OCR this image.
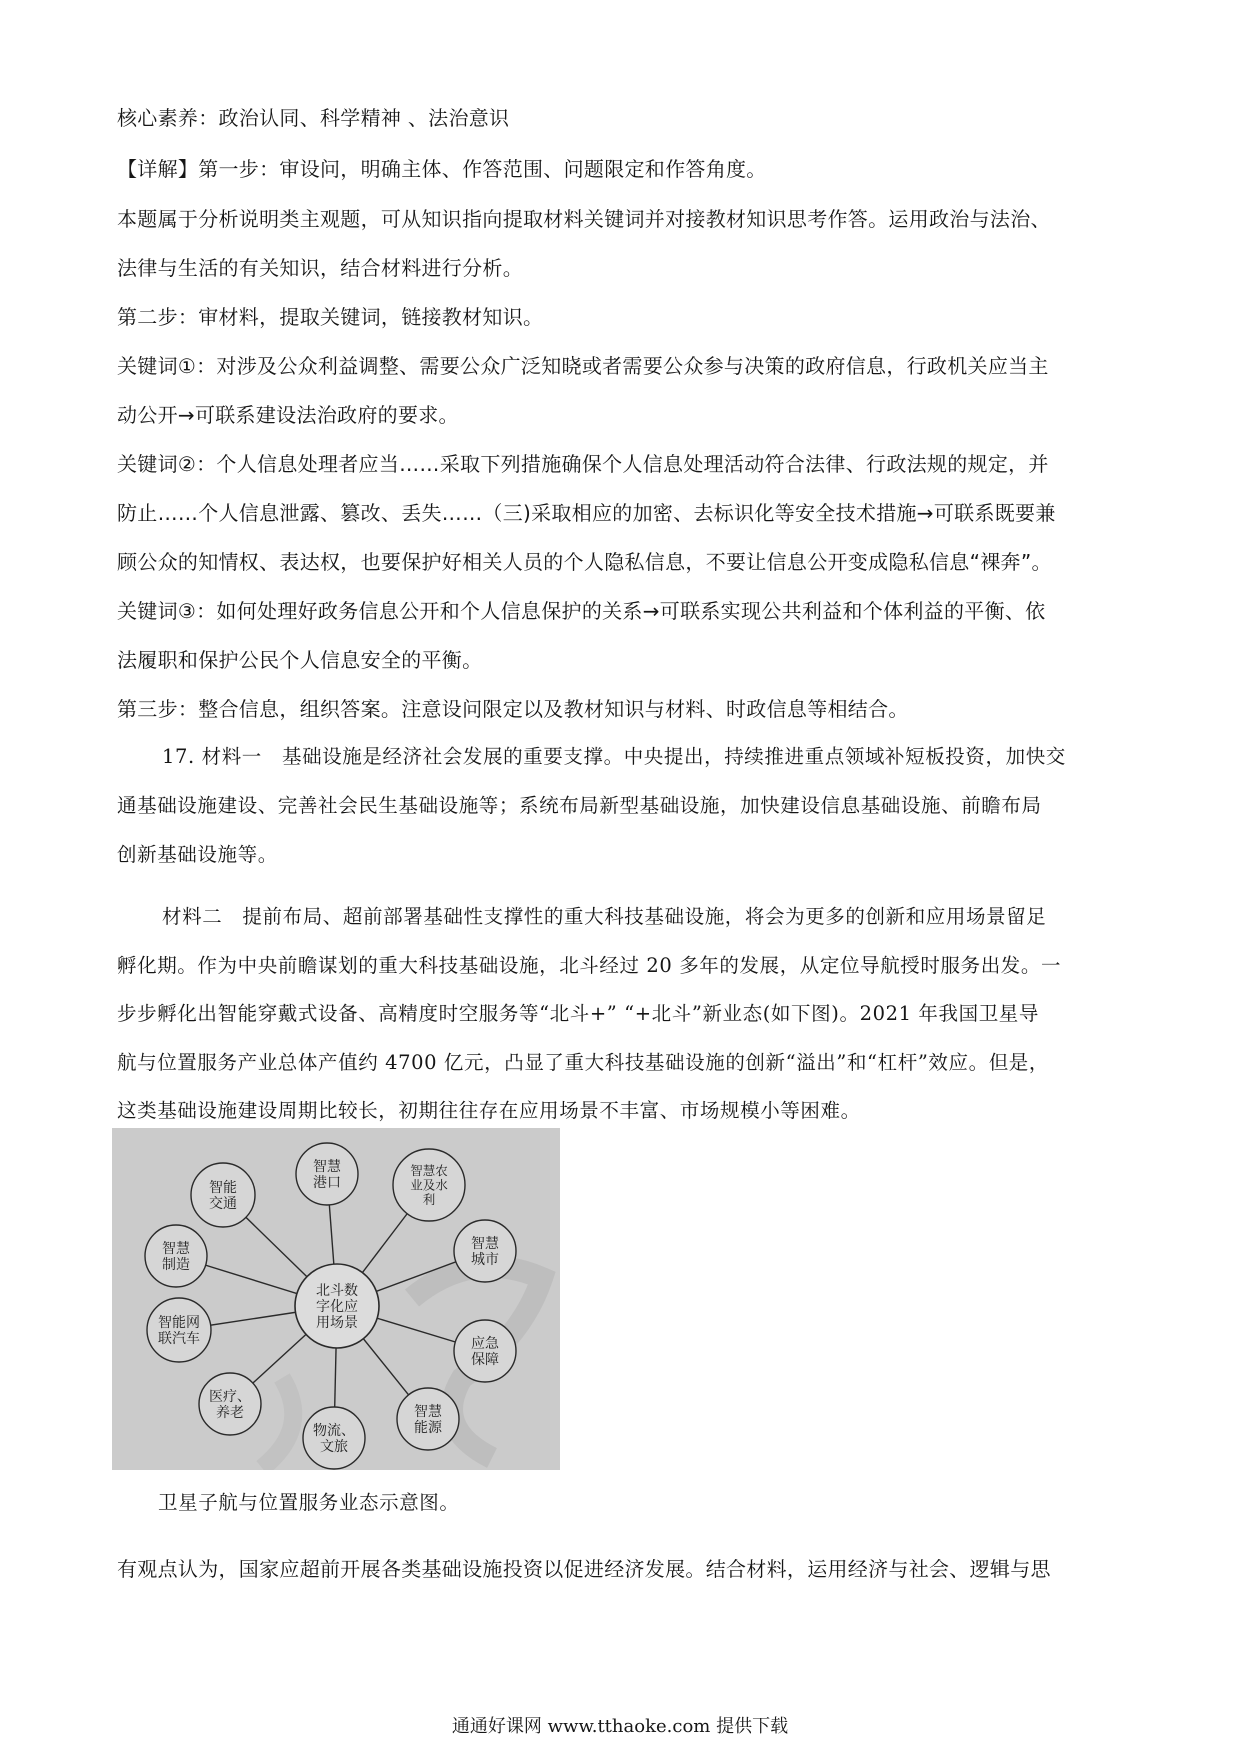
核心素养：政治认同、科学精神 、法治意识
【详解】第一步：审设问，明确主体、作答范围、问题限定和作答角度。
本题属于分析说明类主观题，可从知识指向提取材料关键词并对接教材知识思考作答。运用政治与法治、
法律与生活的有关知识，结合材料进行分析。
第二步：审材料，提取关键词，链接教材知识。
关键词①：对涉及公众利益调整、需要公众广泛知晓或者需要公众参与决策的政府信息，行政机关应当主
动公开→可联系建设法治政府的要求。
关键词②：个人信息处理者应当……采取下列措施确保个人信息处理活动符合法律、行政法规的规定，并
防止……个人信息泄露、篡改、丢失……（三)采取相应的加密、去标识化等安全技术措施→可联系既要兼
顾公众的知情权、表达权，也要保护好相关人员的个人隐私信息，不要让信息公开变成隐私信息“裸奔”。
关键词③：如何处理好政务信息公开和个人信息保护的关系→可联系实现公共利益和个体利益的平衡、依
法履职和保护公民个人信息安全的平衡。
第三步：整合信息，组织答案。注意设问限定以及教材知识与材料、时政信息等相结合。
17. 材料一　基础设施是经济社会发展的重要支撑。中央提出，持续推进重点领域补短板投资，加快交
通基础设施建设、完善社会民生基础设施等；系统布局新型基础设施，加快建设信息基础设施、前瞻布局
创新基础设施等。
材料二　提前布局、超前部署基础性支撑性的重大科技基础设施，将会为更多的创新和应用场景留足
孵化期。作为中央前瞻谋划的重大科技基础设施，北斗经过 20 多年的发展，从定位导航授时服务出发。一
步步孵化出智能穿戴式设备、高精度时空服务等“北斗+” “+北斗”新业态(如下图)。2021 年我国卫星导
航与位置服务产业总体产值约 4700 亿元，凸显了重大科技基础设施的创新“溢出”和“杠杆”效应。但是，
这类基础设施建设周期比较长，初期往往存在应用场景不丰富、市场规模小等困难。
北斗数
字化应
用场景
智慧
港口
智慧农
业及水
利
智慧
城市
应急
保障
智慧
能源
物流、
文旅
医疗、
养老
智能网
联汽车
智慧
制造
智能
交通
卫星子航与位置服务业态示意图。
有观点认为，国家应超前开展各类基础设施投资以促进经济发展。结合材料，运用经济与社会、逻辑与思
通通好课网 www.tthaoke.com 提供下载
